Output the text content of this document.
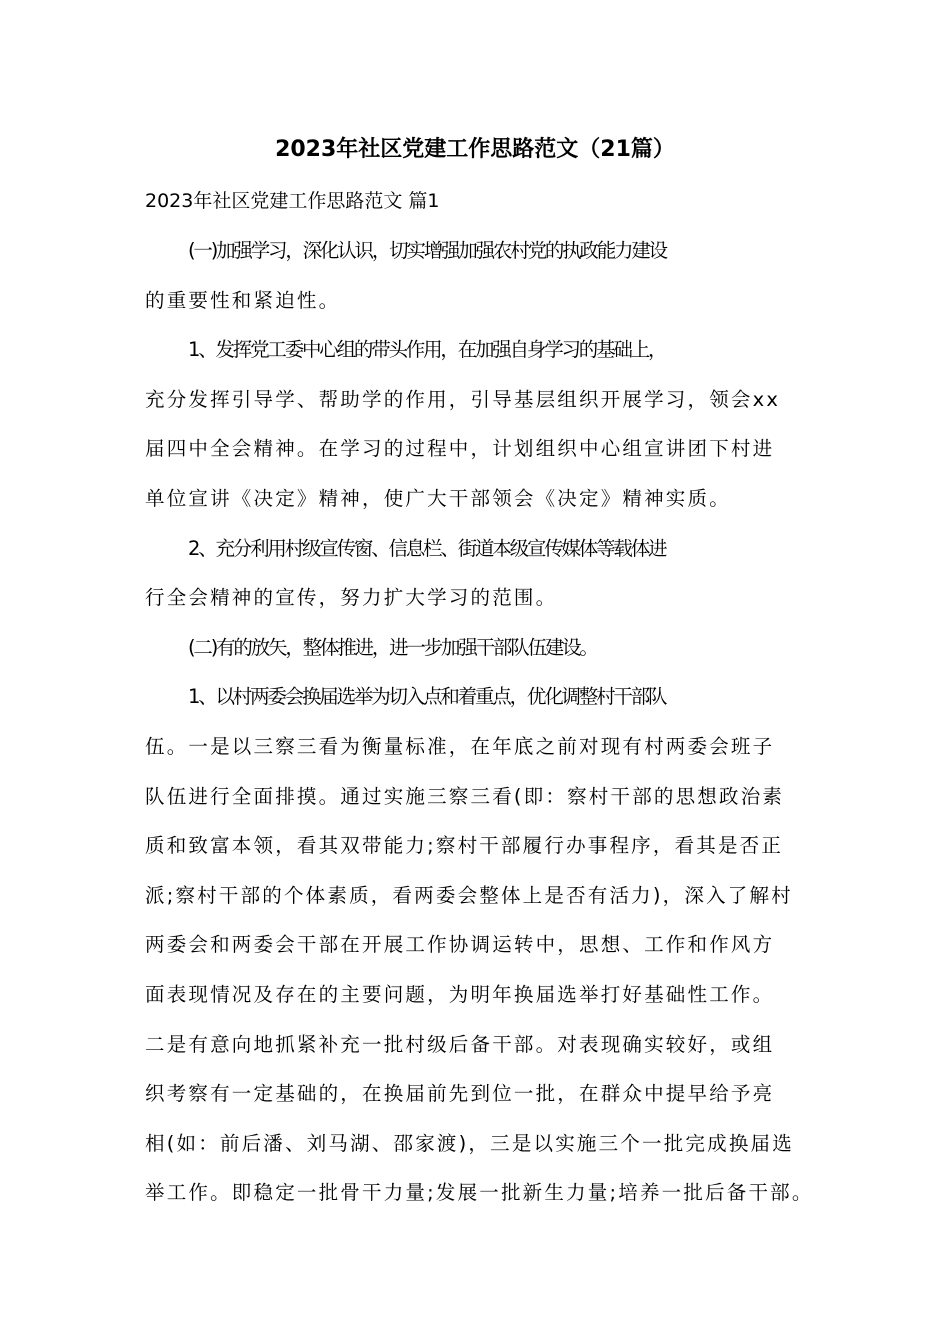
2023年社区党建工作思路范文（21篇）
2023年社区党建工作思路范文 篇1
(一)加强学习，深化认识，切实增强加强农村党的执政能力建设
的重要性和紧迫性。
1、发挥党工委中心组的带头作用，在加强自身学习的基础上，
充分发挥引导学、帮助学的作用，引导基层组织开展学习，领会xx
届四中全会精神。在学习的过程中，计划组织中心组宣讲团下村进
单位宣讲《决定》精神，使广大干部领会《决定》精神实质。
2、充分利用村级宣传窗、信息栏、街道本级宣传媒体等载体进
行全会精神的宣传，努力扩大学习的范围。
(二)有的放矢，整体推进，进一步加强干部队伍建设。
1、以村两委会换届选举为切入点和着重点，优化调整村干部队
伍。一是以三察三看为衡量标准，在年底之前对现有村两委会班子
队伍进行全面排摸。通过实施三察三看(即：察村干部的思想政治素
质和致富本领，看其双带能力;察村干部履行办事程序，看其是否正
派;察村干部的个体素质，看两委会整体上是否有活力)，深入了解村
两委会和两委会干部在开展工作协调运转中，思想、工作和作风方
面表现情况及存在的主要问题，为明年换届选举打好基础性工作。
二是有意向地抓紧补充一批村级后备干部。对表现确实较好，或组
织考察有一定基础的，在换届前先到位一批，在群众中提早给予亮
相(如：前后潘、刘马湖、邵家渡)，三是以实施三个一批完成换届选
举工作。即稳定一批骨干力量;发展一批新生力量;培养一批后备干部。
